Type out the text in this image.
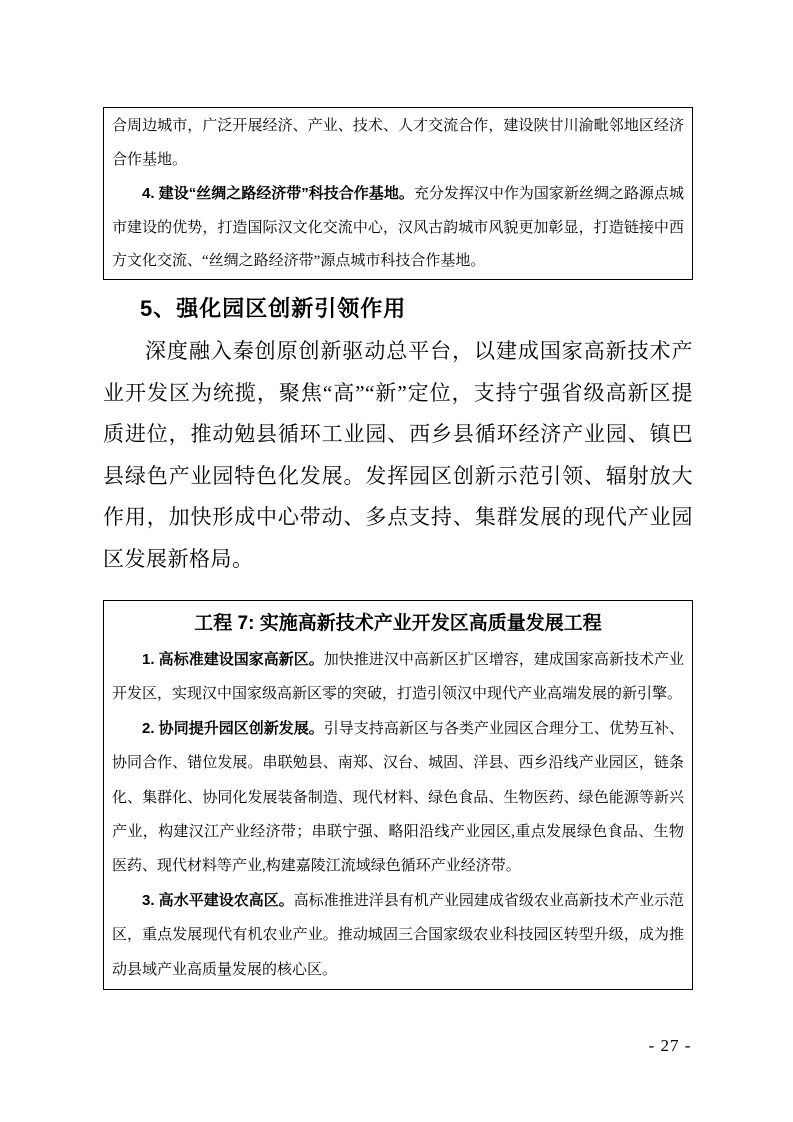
合周边城市，广泛开展经济、产业、技术、人才交流合作，建设陕甘川渝毗邻地区经济合作基地。

4. 建设“丝绸之路经济带”科技合作基地。充分发挥汉中作为国家新丝绸之路源点城市建设的优势，打造国际汉文化交流中心，汉风古韵城市风貌更加彰显，打造链接中西方文化交流、“丝绸之路经济带”源点城市科技合作基地。

5、强化园区创新引领作用

深度融入秦创原创新驱动总平台，以建成国家高新技术产业开发区为统揽，聚焦“高”“新”定位，支持宁强省级高新区提质进位，推动勉县循环工业园、西乡县循环经济产业园、镇巴县绿色产业园特色化发展。发挥园区创新示范引领、辐射放大作用，加快形成中心带动、多点支持、集群发展的现代产业园区发展新格局。

工程 7: 实施高新技术产业开发区高质量发展工程

1. 高标准建设国家高新区。加快推进汉中高新区扩区增容，建成国家高新技术产业开发区，实现汉中国家级高新区零的突破，打造引领汉中现代产业高端发展的新引擎。

2. 协同提升园区创新发展。引导支持高新区与各类产业园区合理分工、优势互补、协同合作、错位发展。串联勉县、南郑、汉台、城固、洋县、西乡沿线产业园区，链条化、集群化、协同化发展装备制造、现代材料、绿色食品、生物医药、绿色能源等新兴产业，构建汉江产业经济带；串联宁强、略阳沿线产业园区,重点发展绿色食品、生物医药、现代材料等产业,构建嘉陵江流域绿色循环产业经济带。

3. 高水平建设农高区。高标准推进洋县有机产业园建成省级农业高新技术产业示范区，重点发展现代有机农业产业。推动城固三合国家级农业科技园区转型升级，成为推动县域产业高质量发展的核心区。

- 27 -
